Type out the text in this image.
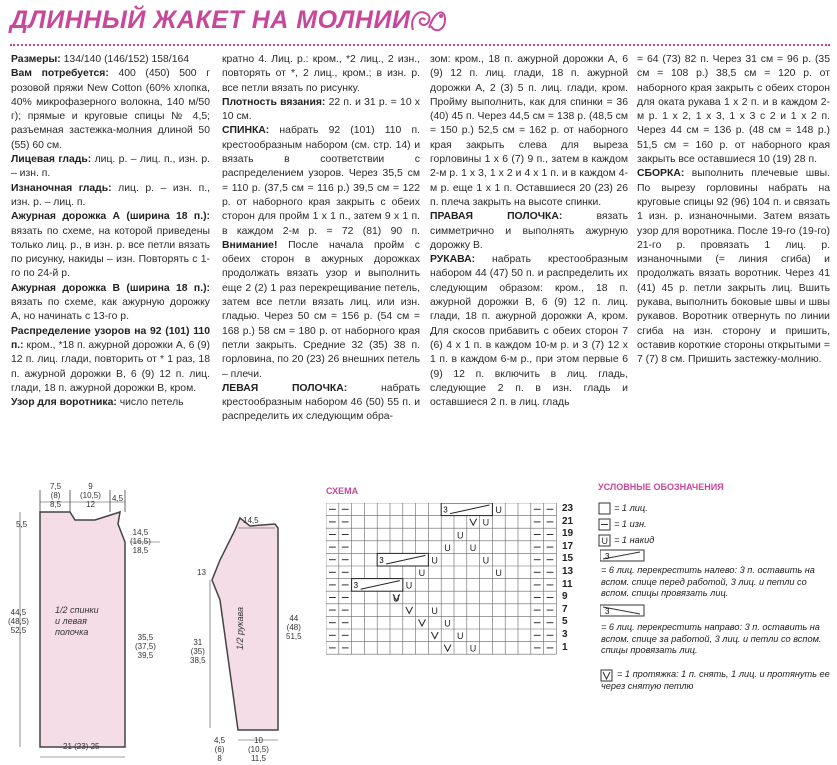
ДЛИННЫЙ ЖАКЕТ НА МОЛНИИ

Размеры: 134/140 (146/152) 158/164

Вам потребуется: 400 (450) 500 г розовой пряжи New Cotton (60% хлопка, 40% микрофазерного волокна, 140 м/50 г); прямые и круговые спицы № 4,5; разъемная застежка-молния длиной 50 (55) 60 см.

Лицевая гладь: лиц. р. – лиц. п., изн. р. – изн. п.

Изнаночная гладь: лиц. р. – изн. п., изн. р. – лиц. п.

Ажурная дорожка А (ширина 18 п.): вязать по схеме, на которой приведены только лиц. р., в изн. р. все петли вязать по рисунку, накиды – изн. Повторять с 1-го по 24-й р.

Ажурная дорожка В (ширина 18 п.): вязать по схеме, как ажурную дорожку А, но начинать с 13-го р.

Распределение узоров на 92 (101) 110 п.: кром., *18 п. ажурной дорожки А, 6 (9) 12 п. лиц. глади, повторить от * 1 раз, 18 п. ажурной дорожки В, 6 (9) 12 п. лиц. глади, 18 п. ажурной дорожки В, кром.

Узор для воротника: число петель

кратно 4. Лиц. р.: кром., *2 лиц., 2 изн., повторять от *, 2 лиц., кром.; в изн. р. все петли вязать по рисунку.

Плотность вязания: 22 п. и 31 р. = 10 х 10 см.

СПИНКА: набрать 92 (101) 110 п. крестообразным набором (см. стр. 14) и вязать в соответствии с распределением узоров. Через 35,5 см = 110 р. (37,5 см = 116 р.) 39,5 см = 122 р. от наборного края закрыть с обеих сторон для пройм 1 х 1 п., затем 9 х 1 п. в каждом 2-м р. = 72 (81) 90 п. Внимание! После начала пройм с обеих сторон в ажурных дорожках продолжать вязать узор и выполнить еще 2 (2) 1 раз перекрещивание петель, затем все петли вязать лиц. или изн. гладью. Через 50 см = 156 р. (54 см = 168 р.) 58 см = 180 р. от наборного края петли закрыть. Средние 32 (35) 38 п. горловина, по 20 (23) 26 внешних петель – плечи.

ЛЕВАЯ ПОЛОЧКА: набрать крестообразным набором 46 (50) 55 п. и распределить их следующим обра-

зом: кром., 18 п. ажурной дорожки А, 6 (9) 12 п. лиц. глади, 18 п. ажурной дорожки А, 2 (3) 5 п. лиц. глади, кром. Пройму выполнить, как для спинки = 36 (40) 45 п. Через 44,5 см = 138 р. (48,5 см = 150 р.) 52,5 см = 162 р. от наборного края закрыть слева для выреза горловины 1 х 6 (7) 9 п., затем в каждом 2-м р. 1 х 3, 1 х 2 и 4 х 1 п. и в каждом 4-м р. еще 1 х 1 п. Оставшиеся 20 (23) 26 п. плеча закрыть на высоте спинки.

ПРАВАЯ ПОЛОЧКА: вязать симметрично и выполнять ажурную дорожку В.

РУКАВА: набрать крестообразным набором 44 (47) 50 п. и распределить их следующим образом: кром., 18 п. ажурной дорожки В, 6 (9) 12 п. лиц. глади, 18 п. ажурной дорожки А, кром. Для скосов прибавить с обеих сторон 7 (6) 4 х 1 п. в каждом 10-м р. и 3 (7) 12 х 1 п. в каждом 6-м р., при этом первые 6 (9) 12 п. включить в лиц. гладь, следующие 2 п. в изн. гладь и оставшиеся 2 п. в лиц. гладь

= 64 (73) 82 п. Через 31 см = 96 р. (35 см = 108 р.) 38,5 см = 120 р. от наборного края закрыть с обеих сторон для оката рукава 1 х 2 п. и в каждом 2-м р. 1 х 2, 1 х 3, 1 х 3 с 2 и 1 х 2 п. Через 44 см = 136 р. (48 см = 148 р.) 51,5 см = 160 р. от наборного края закрыть все оставшиеся 10 (19) 28 п.

СБОРКА: выполнить плечевые швы. По вырезу горловины набрать на круговые спицы 92 (96) 104 п. и связать 1 изн. р. изнаночными. Затем вязать узор для воротника. После 19-го (19-го) 21-го р. провязать 1 лиц. р. изнаночными (= линия сгиба) и продолжать вязать воротник. Через 41 (41) 45 р. петли закрыть лиц. Вшить рукава, выполнить боковые швы и швы рукавов. Воротник отвернуть по линии сгиба на изн. сторону и пришить, оставив короткие стороны открытыми = 7 (7) 8 см. Пришить застежку-молнию.

7,5
(8)
8,5
9
(10,5)
12
4,5
5,5
14,5
(16,5)
18,5
44,5
(48,5)
52,5
35,5
(37,5)
39,5
21 (23) 25
1/2 спинки
и левая
полочка
14,5
13
31
(35)
38,5
44
(48)
51,5
1/2 рукава
4,5
(6)
8
10
(10,5)
11,5
СХЕМА
U
U
U
U
U
U
U
U
U
U
U
U
U
U
U
3
3
3
23
21
19
17
15
13
11
9
7
5
3
1
УСЛОВНЫЕ ОБОЗНАЧЕНИЯ
U
= 1 лиц.
= 1 изн.
= 1 накид
3
= 6 лиц. перекрестить налево: 3 п. оставить на вспом. спице перед работой, 3 лиц. и петли со вспом. спицы провязать лиц.
3
= 6 лиц. перекрестить направо: 3 п. оставить на вспом. спице за работой, 3 лиц. и петли со вспом. спицы провязать лиц.
= 1 протяжка: 1 п. снять, 1 лиц. и протянуть ее через снятую петлю
